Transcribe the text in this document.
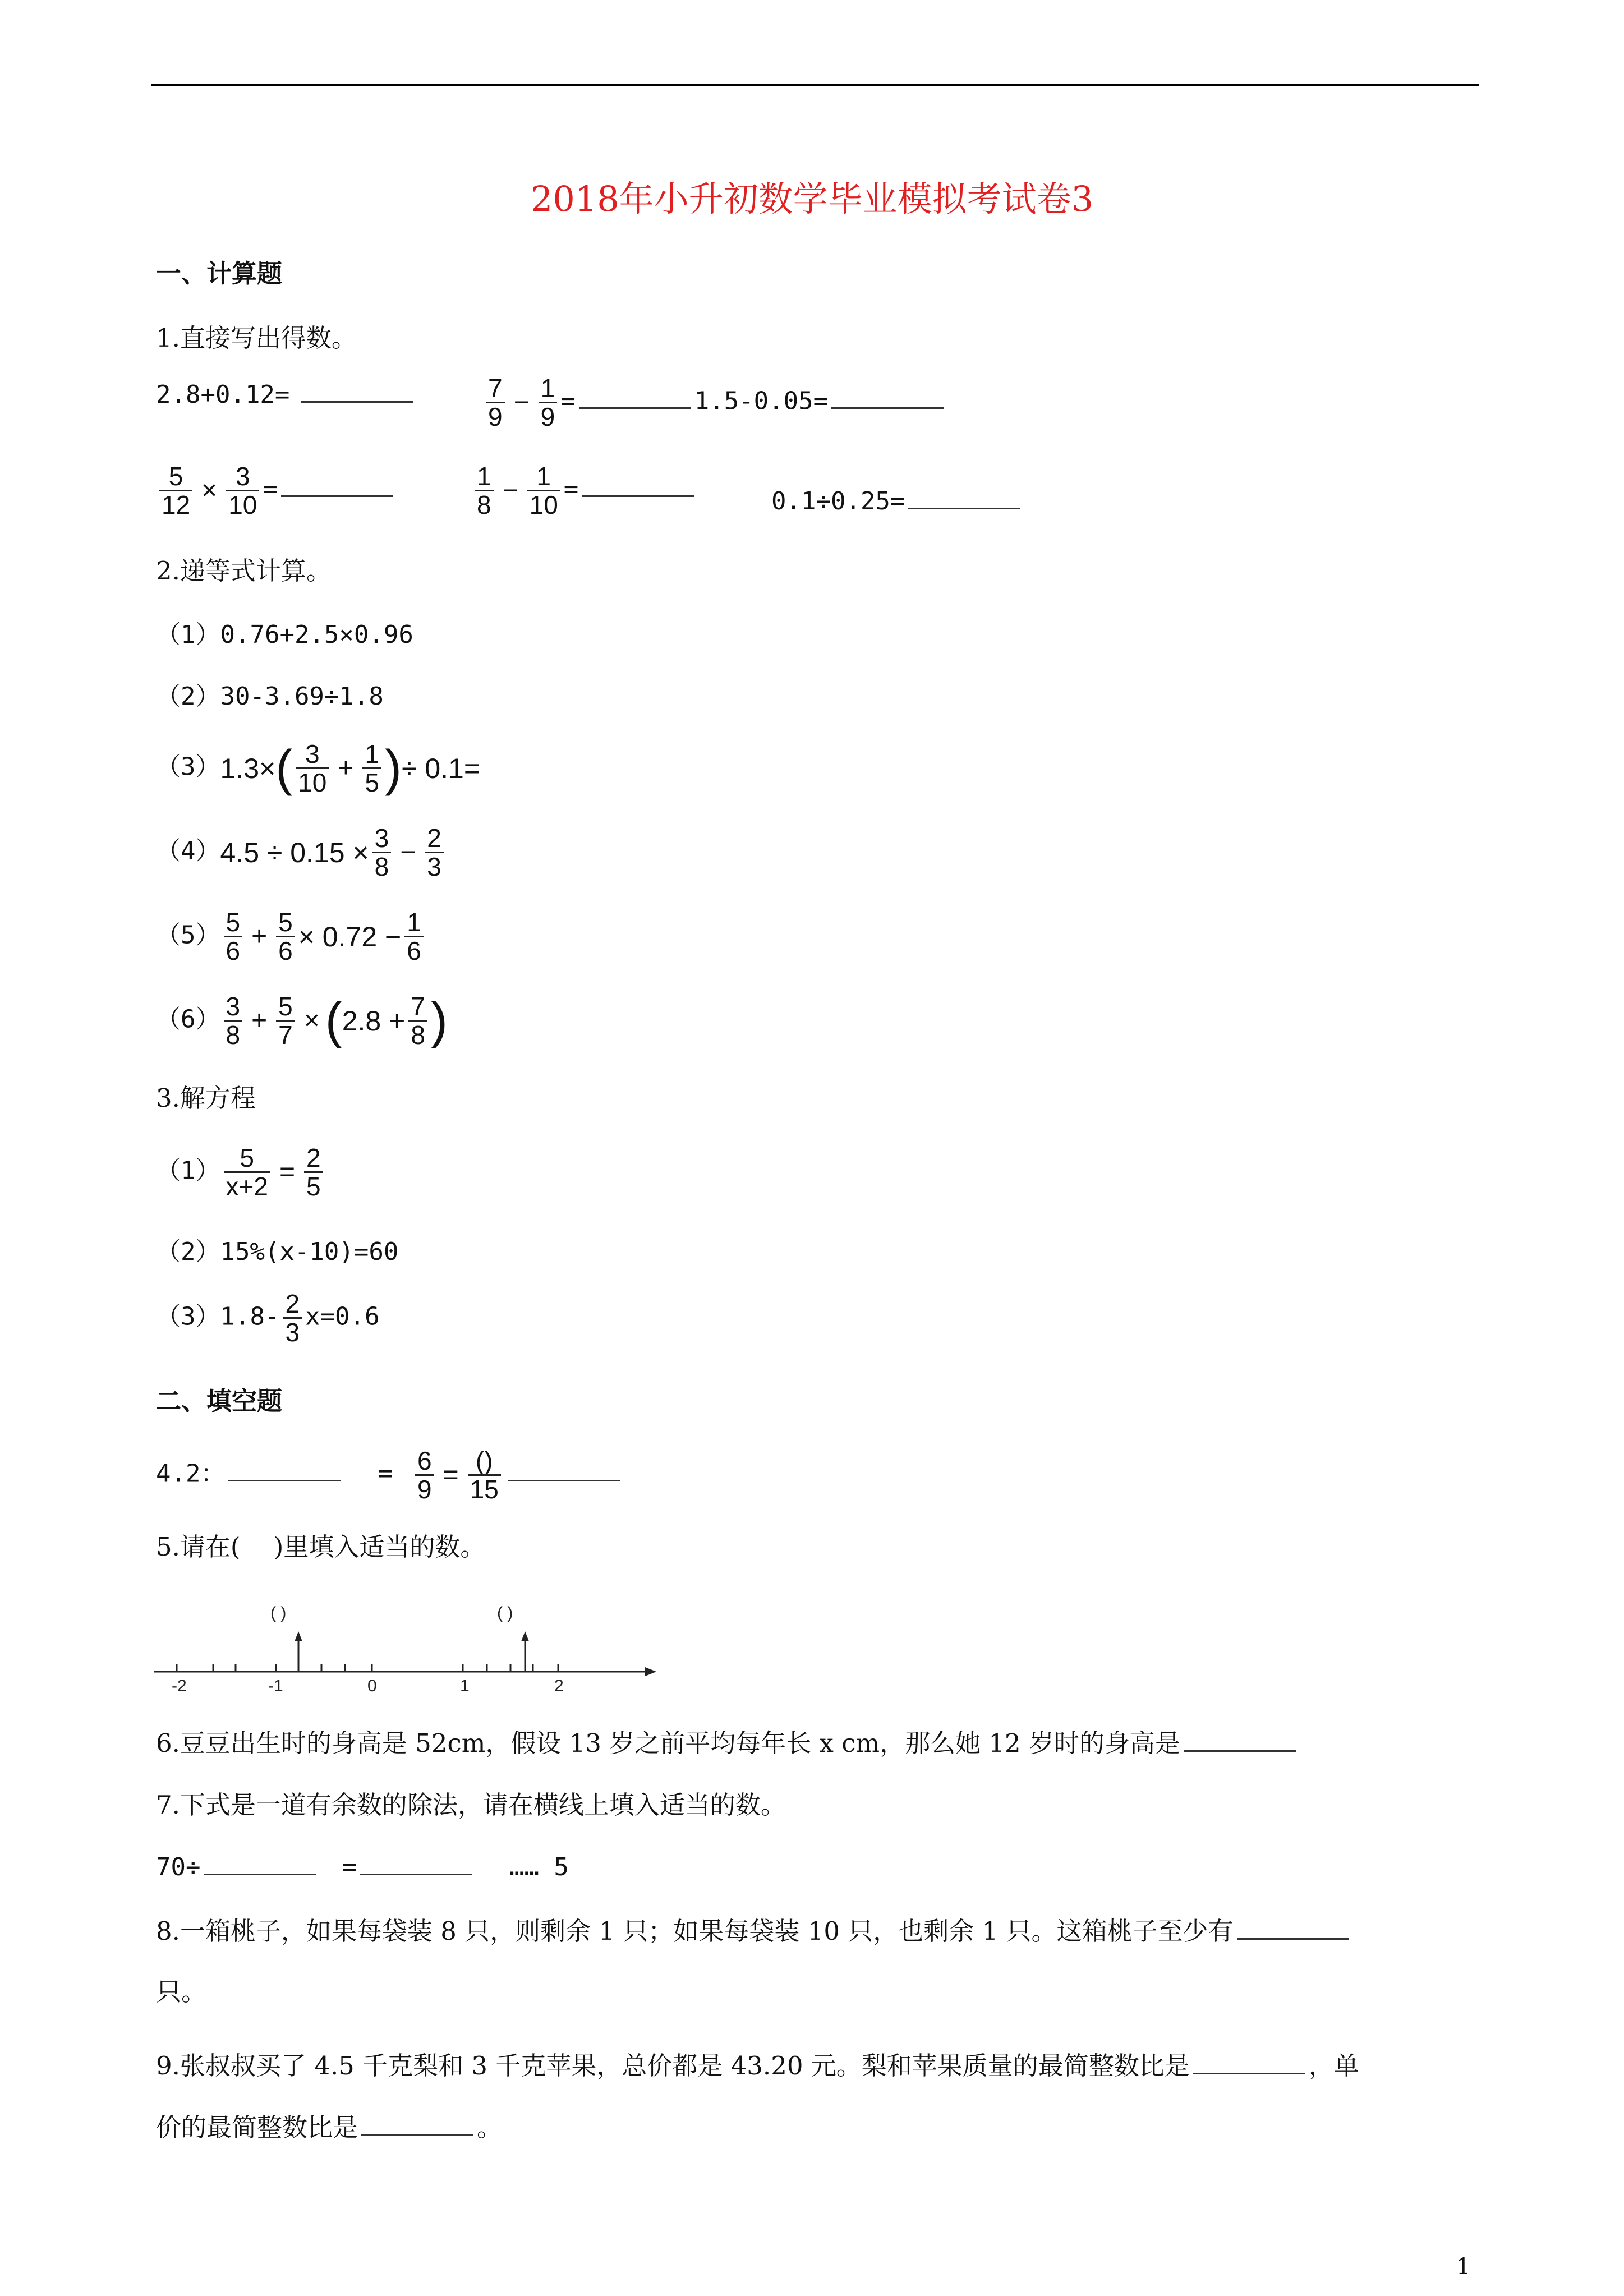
2018年小升初数学毕业模拟考试卷3
一、计算题
1.直接写出得数。
2.8+0.12=	$\frac{7}{9} - \frac{1}{9}$ =	1.5-0.05=
$\frac{5}{12} \times \frac{3}{10}$ =	$\frac{1}{8} - \frac{1}{10}$ =	0.1÷0.25=
2.递等式计算。
（1）0.76+2.5×0.96
（2）30-3.69÷1.8
$(3)1.3\times( \frac{3}{10} + \frac{1}{5}$ )÷ 0.1=
$(4)4.5 \div 0.15 \times \frac{3}{8} - \frac{2}{3}$
$(5) \frac{5}{6} + \frac{5}{6} \times 0.72 - \frac{1}{6}$
$(6) \frac{3}{8} + \frac{5}{7} \times (2.8 + \frac{7}{8}$ )
3.解方程
$(1) \frac{5}{x+2} = \frac{2}{5}$
（2）15%(x-10)=60
$(3)1.8- \frac{2}{3} x=0.6$
二、填空题
4.2：	= $\frac{6}{9} = \frac{()}{15}$
5.请在(　 )里填入适当的数。
-2	-1	0	1	2
( )	( )
6.豆豆出生时的身高是 52cm，假设 13 岁之前平均每年长 x cm，那么她 12 岁时的身高是
7.下式是一道有余数的除法，请在横线上填入适当的数。
70÷	=	…… 5
8.一箱桃子，如果每袋装 8 只，则剩余 1 只；如果每袋装 10 只，也剩余 1 只。这箱桃子至少有
只。
9.张叔叔买了 4.5 千克梨和 3 千克苹果，总价都是 43.20 元。梨和苹果质量的最简整数比是	，单
价的最简整数比是	。
1
